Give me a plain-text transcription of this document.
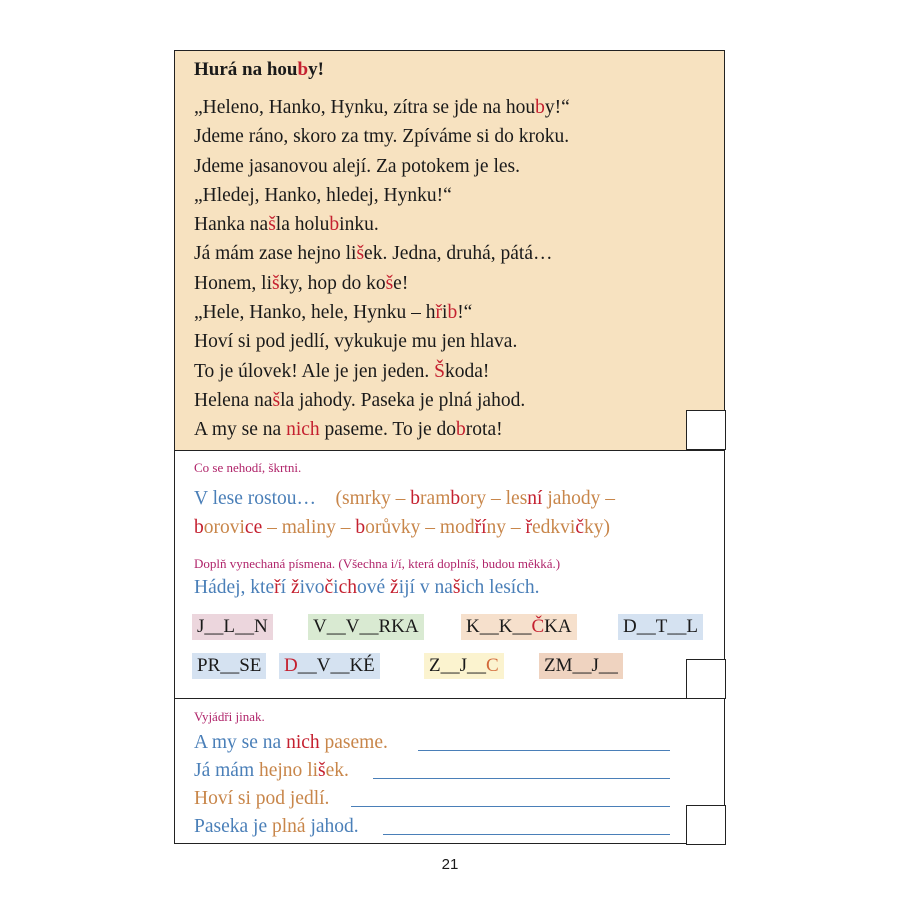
Hurá na houby!
„Heleno, Hanko, Hynku, zítra se jde na houby!“
Jdeme ráno, skoro za tmy. Zpíváme si do kroku.
Jdeme jasanovou alejí. Za potokem je les.
„Hledej, Hanko, hledej, Hynku!“
Hanka našla holubinku.
Já mám zase hejno lišek. Jedna, druhá, pátá…
Honem, lišky, hop do koše!
„Hele, Hanko, hele, Hynku – hřib!“
Hoví si pod jedlí, vykukuje mu jen hlava.
To je úlovek! Ale je jen jeden. Škoda!
Helena našla jahody. Paseka je plná jahod.
A my se na nich paseme. To je dobrota!
Co se nehodí, škrtni.
V lese rostou… (smrky – brambory – lesní jahody –
borovice – maliny – borůvky – modříny – ředkvičky)
Doplň vynechaná písmena. (Všechna i/í, která doplníš, budou měkká.)
Hádej, kteří živočichové žijí v našich lesích.
J__L__N V__V__RKA K__K__ČKA	D__T__L
PR__SE D__V__KÉ	Z__J__C ZM__J__
Vyjádři jinak.
A my se na nich paseme.
Já mám hejno lišek.
Hoví si pod jedlí.
Paseka je plná jahod.
21
